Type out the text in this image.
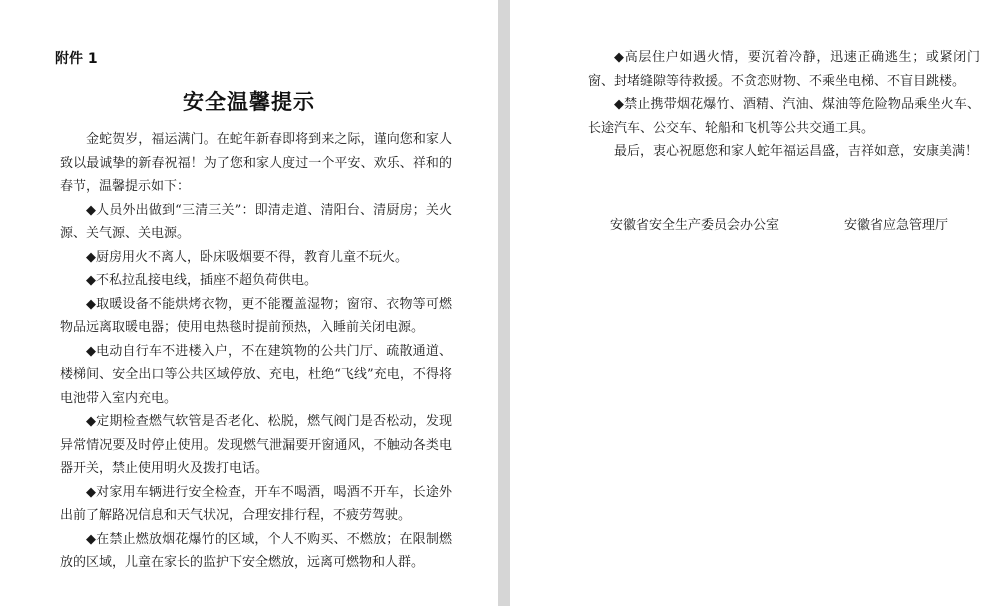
附件 1
安全温馨提示

金蛇贺岁，福运满门。在蛇年新春即将到来之际，谨向您和家人致以最诚挚的新春祝福！为了您和家人度过一个平安、欢乐、祥和的春节，温馨提示如下：

◆人员外出做到“三清三关”：即清走道、清阳台、清厨房；关火源、关气源、关电源。

◆厨房用火不离人，卧床吸烟要不得，教育儿童不玩火。

◆不私拉乱接电线，插座不超负荷供电。

◆取暖设备不能烘烤衣物，更不能覆盖湿物；窗帘、衣物等可燃物品远离取暖电器；使用电热毯时提前预热，入睡前关闭电源。

◆电动自行车不进楼入户，不在建筑物的公共门厅、疏散通道、楼梯间、安全出口等公共区域停放、充电，杜绝“飞线”充电，不得将电池带入室内充电。

◆定期检查燃气软管是否老化、松脱，燃气阀门是否松动，发现异常情况要及时停止使用。发现燃气泄漏要开窗通风，不触动各类电器开关，禁止使用明火及拨打电话。

◆对家用车辆进行安全检查，开车不喝酒，喝酒不开车，长途外出前了解路况信息和天气状况，合理安排行程，不疲劳驾驶。

◆在禁止燃放烟花爆竹的区域，个人不购买、不燃放；在限制燃放的区域，儿童在家长的监护下安全燃放，远离可燃物和人群。

◆高层住户如遇火情，要沉着冷静，迅速正确逃生；或紧闭门窗、封堵缝隙等待救援。不贪恋财物、不乘坐电梯、不盲目跳楼。

◆禁止携带烟花爆竹、酒精、汽油、煤油等危险物品乘坐火车、长途汽车、公交车、轮船和飞机等公共交通工具。

最后，衷心祝愿您和家人蛇年福运昌盛，吉祥如意，安康美满！

安徽省安全生产委员会办公室	安徽省应急管理厅
